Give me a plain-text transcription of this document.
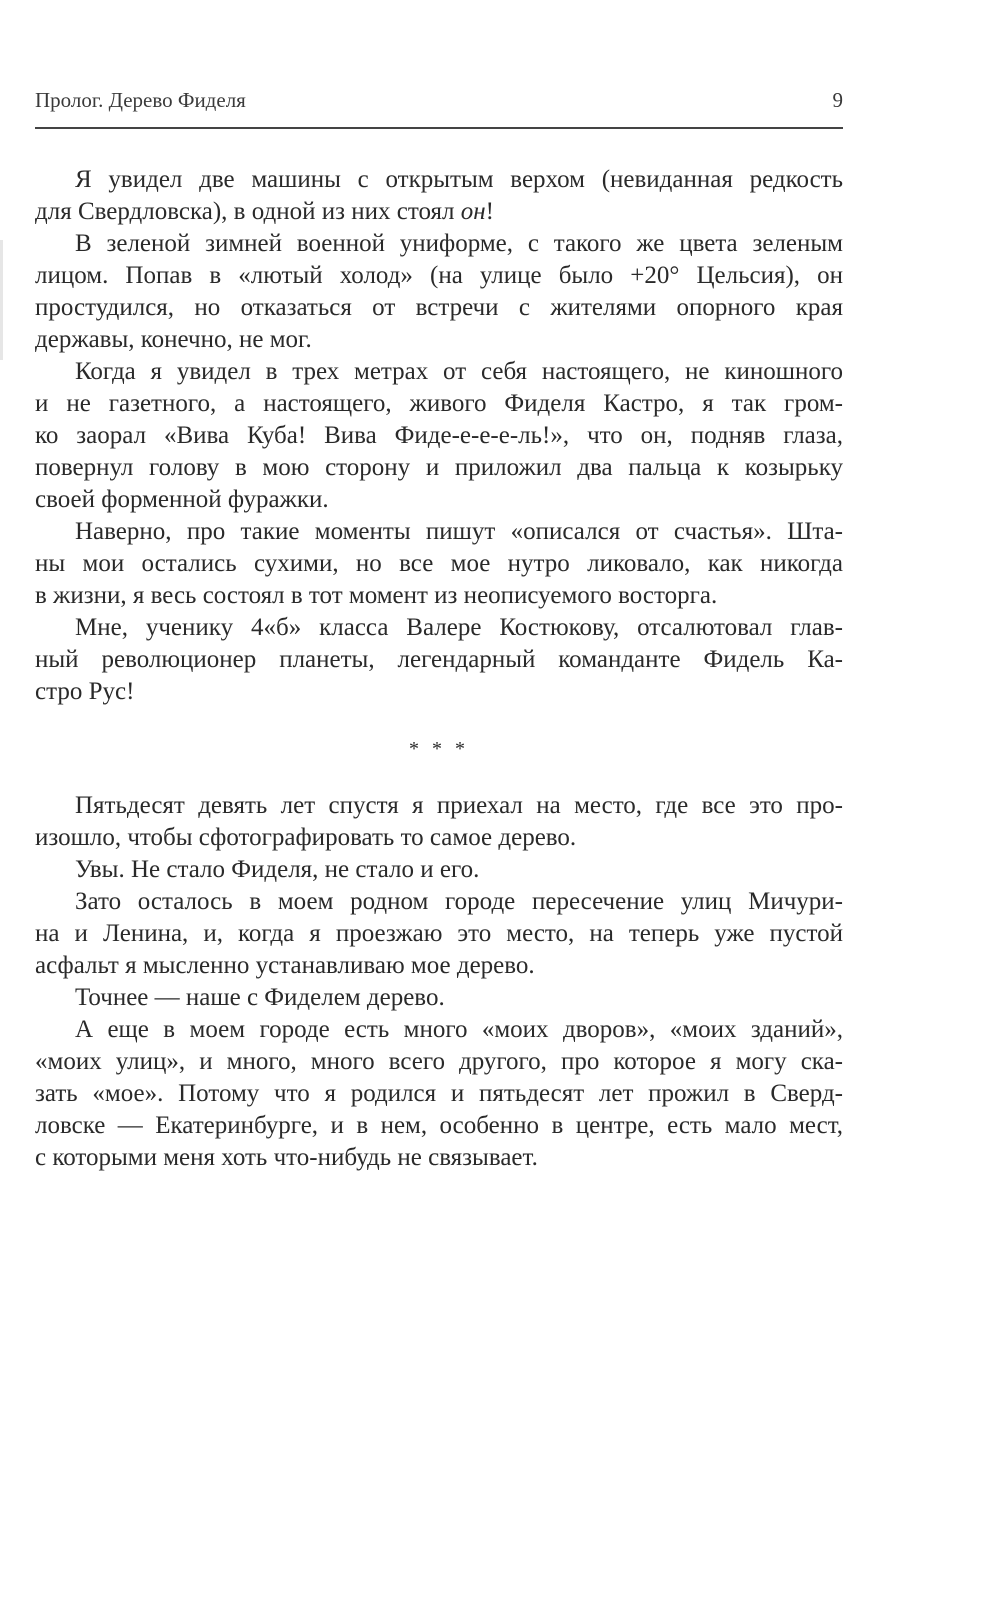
Пролог. Дерево Фиделя	9
Я увидел две машины с открытым верхом (невиданная редкость
для Свердловска), в одной из них стоял он!
В зеленой зимней военной униформе, с такого же цвета зеленым
лицом. Попав в «лютый холод» (на улице было +20° Цельсия), он
простудился, но отказаться от встречи с жителями опорного края
державы, конечно, не мог.
Когда я увидел в трех метрах от себя настоящего, не киношного
и не газетного, а настоящего, живого Фиделя Кастро, я так гром-
ко заорал «Вива Куба! Вива Фиде-е-е-е-ль!», что он, подняв глаза,
повернул голову в мою сторону и приложил два пальца к козырьку
своей форменной фуражки.
Наверно, про такие моменты пишут «описался от счастья». Шта-
ны мои остались сухими, но все мое нутро ликовало, как никогда
в жизни, я весь состоял в тот момент из неописуемого восторга.
Мне, ученику 4«б» класса Валере Костюкову, отсалютовал глав-
ный революционер планеты, легендарный команданте Фидель Ка-
стро Рус!
* * *
Пятьдесят девять лет спустя я приехал на место, где все это про-
изошло, чтобы сфотографировать то самое дерево.
Увы. Не стало Фиделя, не стало и его.
Зато осталось в моем родном городе пересечение улиц Мичури-
на и Ленина, и, когда я проезжаю это место, на теперь уже пустой
асфальт я мысленно устанавливаю мое дерево.
Точнее — наше с Фиделем дерево.
А еще в моем городе есть много «моих дворов», «моих зданий»,
«моих улиц», и много, много всего другого, про которое я могу ска-
зать «мое». Потому что я родился и пятьдесят лет прожил в Сверд-
ловске — Екатеринбурге, и в нем, особенно в центре, есть мало мест,
с которыми меня хоть что-нибудь не связывает.
